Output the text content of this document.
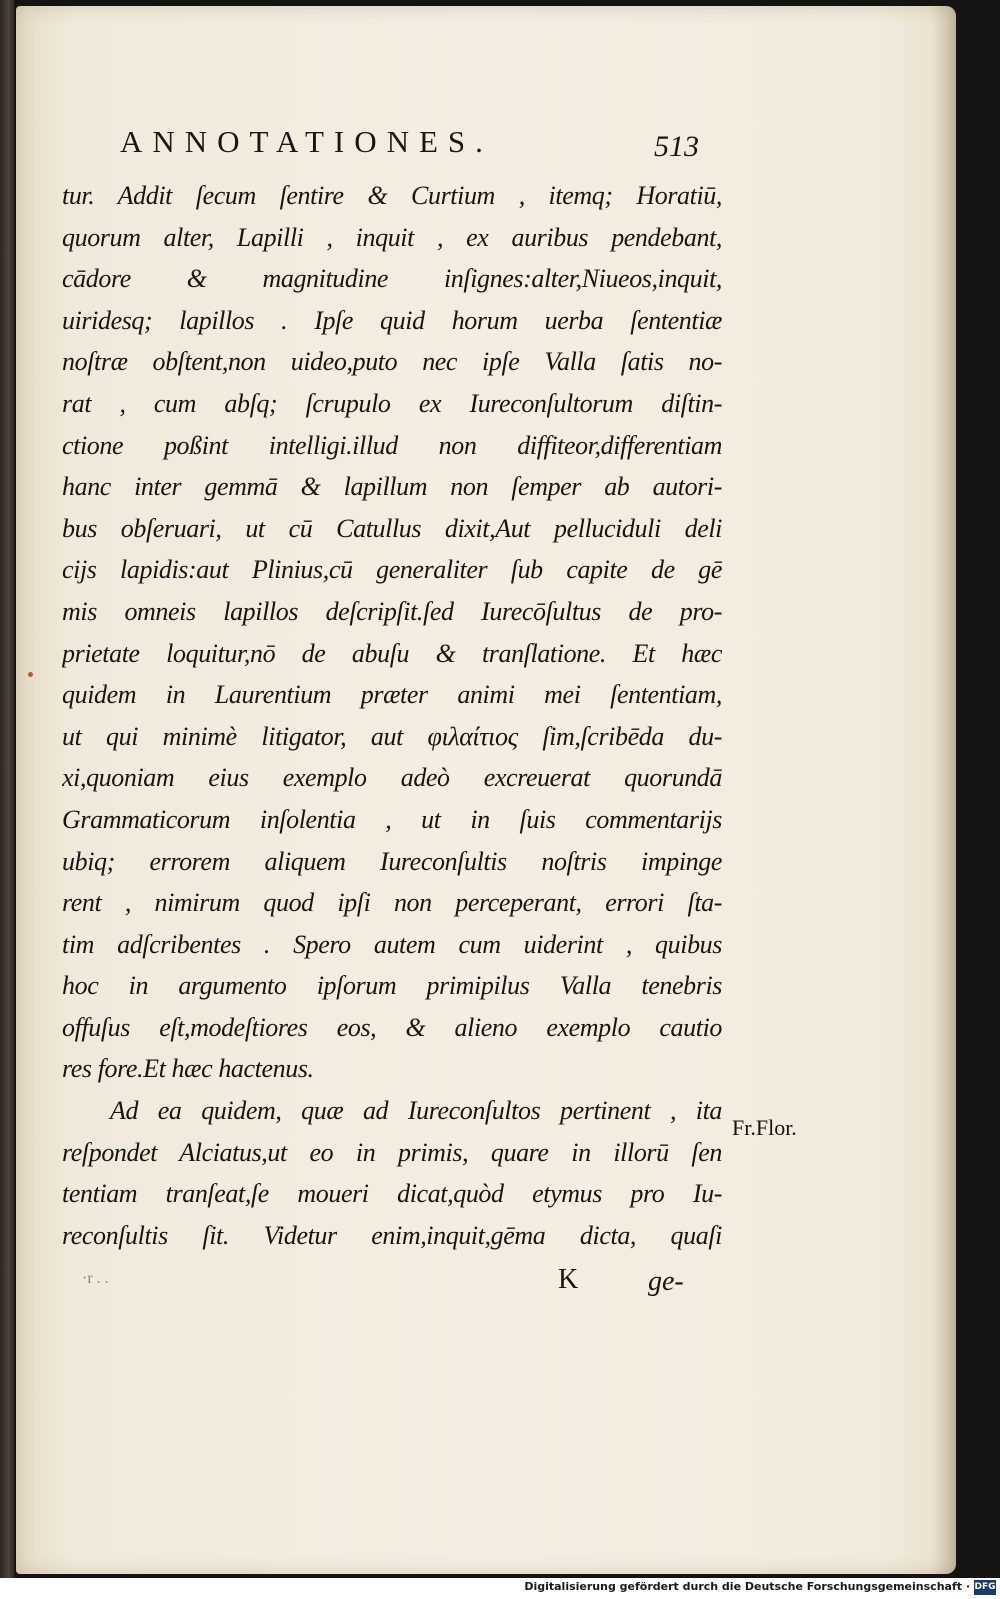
ANNOTATIONES.	513
tur. Addit ſecum ſentire & Curtium , itemq; Horatiū,
quorum alter, Lapilli , inquit , ex auribus pendebant,
cādore & magnitudine inſignes:alter,Niueos,inquit,
uiridesq; lapillos . Ipſe quid horum uerba ſententiæ
noſtræ obſtent,non uideo,puto nec ipſe Valla ſatis no-
rat , cum abſq; ſcrupulo ex Iureconſultorum diſtin-
ctione poßint intelligi.illud non diffiteor,differentiam
hanc inter gemmā & lapillum non ſemper ab autori-
bus obſeruari, ut cū Catullus dixit,Aut pelluciduli deli
cijs lapidis:aut Plinius,cū generaliter ſub capite de gē
mis omneis lapillos deſcripſit.ſed Iurecōſultus de pro-
prietate loquitur,nō de abuſu & tranſlatione. Et hæc
quidem in Laurentium præter animi mei ſententiam,
ut qui minimè litigator, aut φιλαίτιος ſim,ſcribēda du-
xi,quoniam eius exemplo adeò excreuerat quorundā
Grammaticorum inſolentia , ut in ſuis commentarijs
ubiq; errorem aliquem Iureconſultis noſtris impinge
rent , nimirum quod ipſi non perceperant, errori ſta-
tim adſcribentes . Spero autem cum uiderint , quibus
hoc in argumento ipſorum primipilus Valla tenebris
offuſus eſt,modeſtiores eos, & alieno exemplo cautio
res fore.Et hæc hactenus.
Ad ea quidem, quæ ad Iureconſultos pertinent , ita
reſpondet Alciatus,ut eo in primis, quare in illorū ſen
tentiam tranſeat,ſe moueri dicat,quòd etymus pro Iu-
reconſultis ſit. Videtur enim,inquit,gēma dicta, quaſi
Fr.Flor.
·r . .	K ge-
Digitalisierung gefördert durch die Deutsche Forschungsgemeinschaft · DFG
